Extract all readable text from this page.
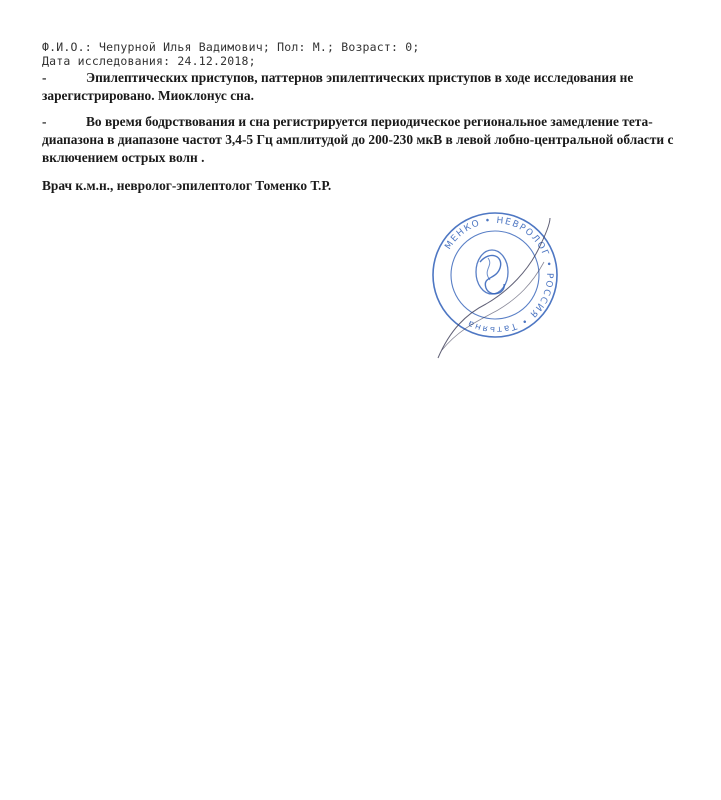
Ф.И.О.: Чепурной Илья Вадимович; Пол: М.; Возраст: 0;
Дата исследования: 24.12.2018;
-	Эпилептических приступов, паттернов эпилептических приступов в ходе исследования не
зарегистрировано. Миоклонус сна.
-	Во время бодрствования и сна регистрируется периодическое региональное замедление тета-
диапазона в диапазоне частот 3,4-5 Гц амплитудой до 200-230 мкВ в левой лобно-центральной области с
включением острых волн .
Врач к.м.н., невролог-эпилептолог Томенко Т.Р.
МЕНКО • НЕВРОЛОГ • РОССИЯ • Татьяна
